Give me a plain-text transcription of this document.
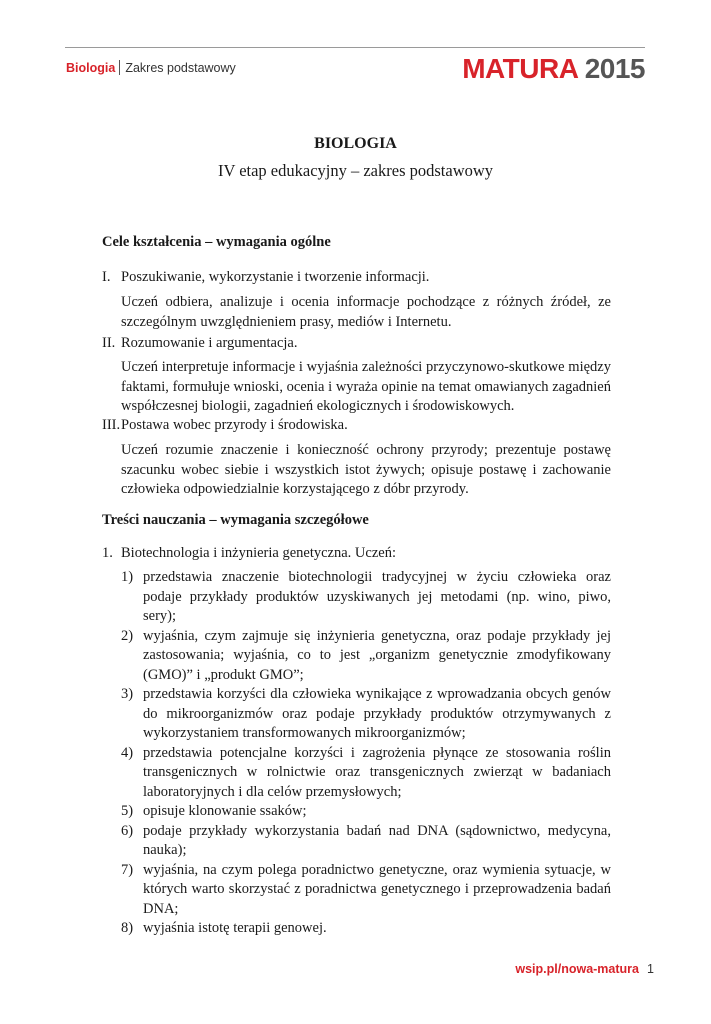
Biologia Zakres podstawowy	MATURA 2015
BIOLOGIA
IV etap edukacyjny – zakres podstawowy
Cele kształcenia – wymagania ogólne
I. Poszukiwanie, wykorzystanie i tworzenie informacji.
Uczeń odbiera, analizuje i ocenia informacje pochodzące z różnych źródeł, ze szczególnym uwzględnieniem prasy, mediów i Internetu.
II. Rozumowanie i argumentacja.
Uczeń interpretuje informacje i wyjaśnia zależności przyczynowo-skutkowe między faktami, formułuje wnioski, ocenia i wyraża opinie na temat omawianych zagadnień współczesnej biologii, zagadnień ekologicznych i środowiskowych.
III. Postawa wobec przyrody i środowiska.
Uczeń rozumie znaczenie i konieczność ochrony przyrody; prezentuje postawę szacunku wobec siebie i wszystkich istot żywych; opisuje postawę i zachowanie człowieka odpowiedzialnie korzystającego z dóbr przyrody.
Treści nauczania – wymagania szczegółowe
1. Biotechnologia i inżynieria genetyczna. Uczeń:
1) przedstawia znaczenie biotechnologii tradycyjnej w życiu człowieka oraz podaje przykłady produktów uzyskiwanych jej metodami (np. wino, piwo, sery);
2) wyjaśnia, czym zajmuje się inżynieria genetyczna, oraz podaje przykłady jej zastosowania; wyjaśnia, co to jest „organizm genetycznie zmodyfikowany (GMO)” i „produkt GMO”;
3) przedstawia korzyści dla człowieka wynikające z wprowadzania obcych genów do mikroorganizmów oraz podaje przykłady produktów otrzymywanych z wykorzystaniem transformowanych mikroorganizmów;
4) przedstawia potencjalne korzyści i zagrożenia płynące ze stosowania roślin transgenicznych w rolnictwie oraz transgenicznych zwierząt w badaniach laboratoryjnych i dla celów przemysłowych;
5) opisuje klonowanie ssaków;
6) podaje przykłady wykorzystania badań nad DNA (sądownictwo, medycyna, nauka);
7) wyjaśnia, na czym polega poradnictwo genetyczne, oraz wymienia sytuacje, w których warto skorzystać z poradnictwa genetycznego i przeprowadzenia badań DNA;
8) wyjaśnia istotę terapii genowej.
wsip.pl/nowa-matura 1
